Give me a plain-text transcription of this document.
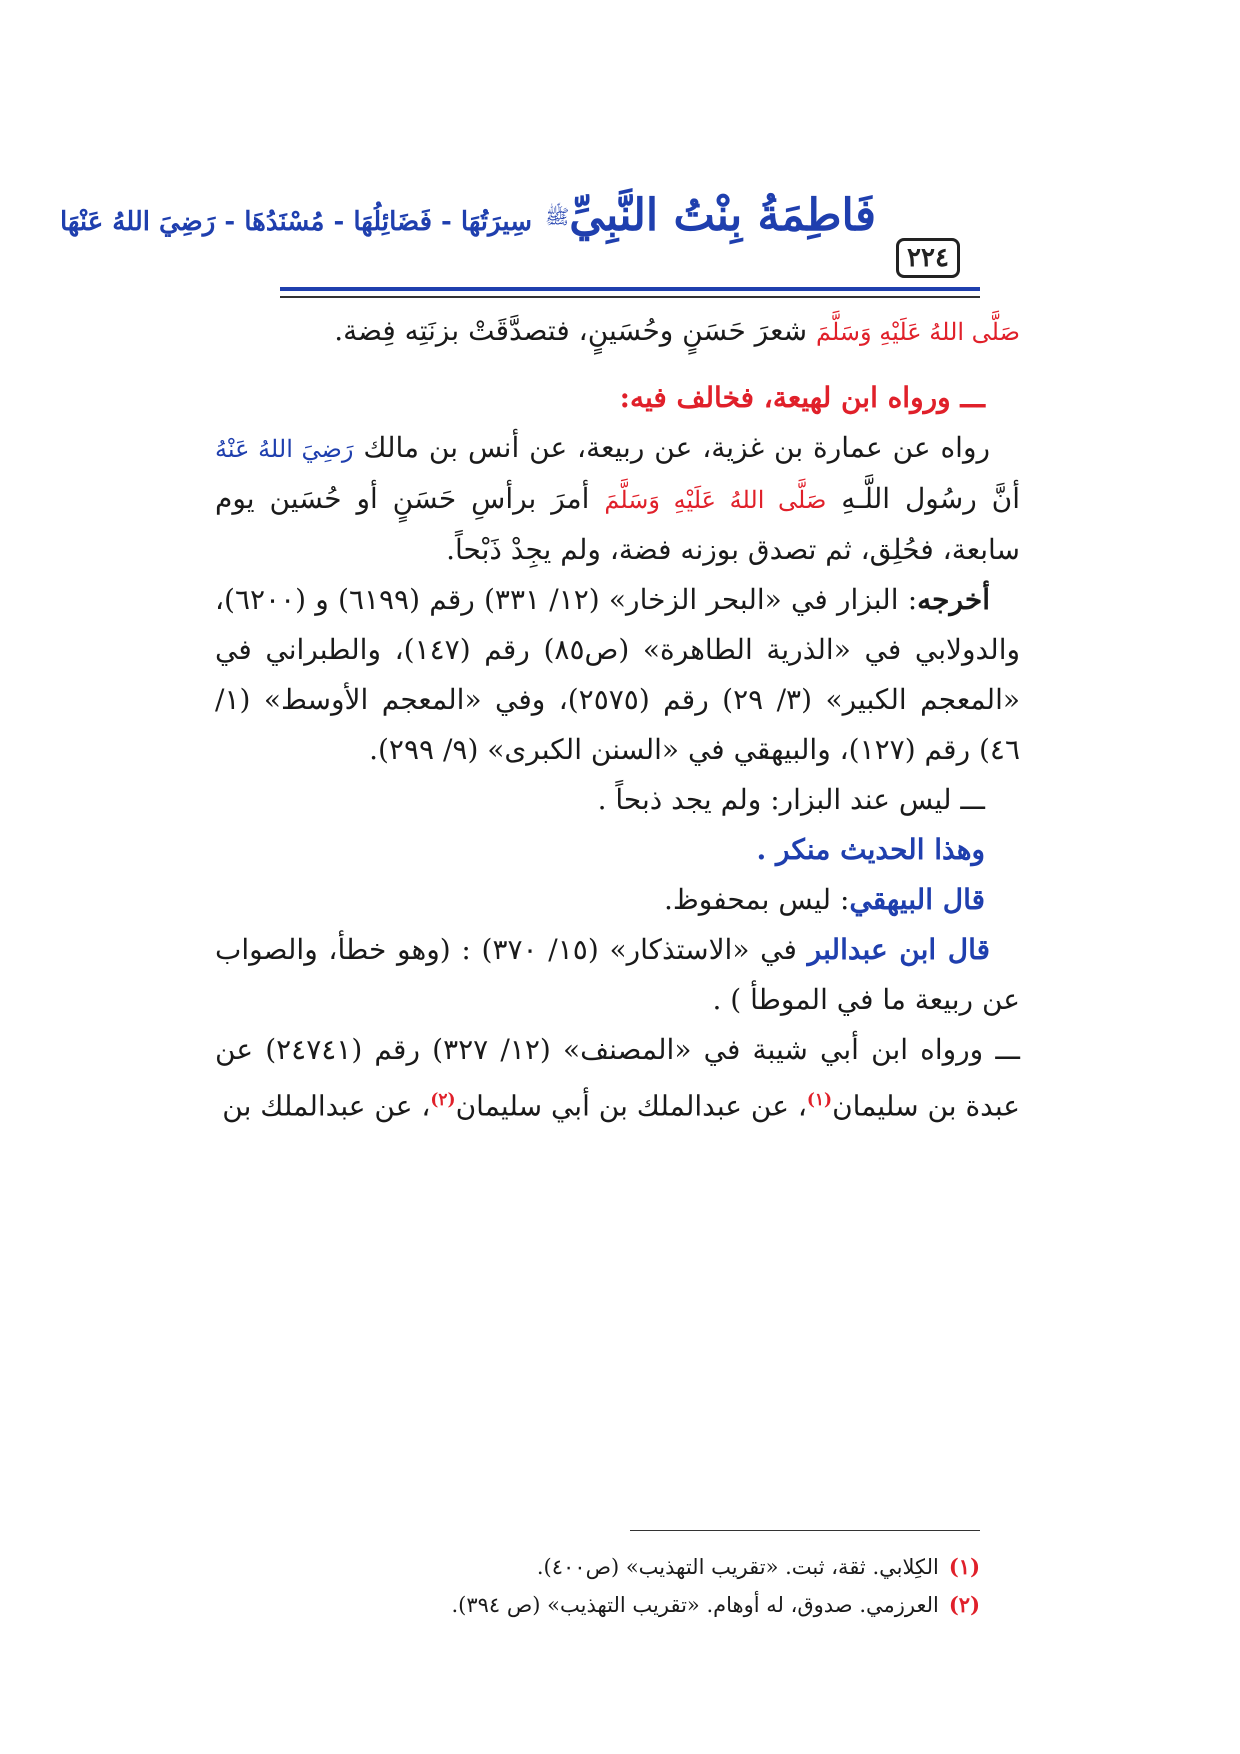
٢٢٤
فَاطِمَةُ بِنْتُ النَّبِيِّﷺ سِيرَتُهَا - فَضَائِلُهَا - مُسْنَدُهَا - رَضِيَ اللهُ عَنْهَا

صَلَّى اللهُ عَلَيْهِ وَسَلَّمَ شعرَ حَسَنٍ وحُسَينٍ، فتصدَّقَتْ بزنَتِه فِضة.

ـــ ورواه ابن لهيعة، فخالف فيه:

رواه عن عمارة بن غزية، عن ربيعة، عن أنس بن مالك رَضِيَ اللهُ عَنْهُ أنَّ رسُول اللَّـهِ صَلَّى اللهُ عَلَيْهِ وَسَلَّمَ أمرَ برأسِ حَسَنٍ أو حُسَين يوم سابعة، فحُلِق، ثم تصدق بوزنه فضة، ولم يجِدْ ذَبْحاً.

أخرجه: البزار في «البحر الزخار» (١٢/ ٣٣١) رقم (٦١٩٩) و (٦٢٠٠)، والدولابي في «الذرية الطاهرة» (ص٨٥) رقم (١٤٧)، والطبراني في «المعجم الكبير» (٣/ ٢٩) رقم (٢٥٧٥)، وفي «المعجم الأوسط» (١/ ٤٦) رقم (١٢٧)، والبيهقي في «السنن الكبرى» (٩/ ٢٩٩).

ـــ ليس عند البزار: ولم يجد ذبحاً .

وهذا الحديث منكر .

قال البيهقي: ليس بمحفوظ.

قال ابن عبدالبر في «الاستذكار» (١٥/ ٣٧٠) : (وهو خطأ، والصواب عن ربيعة ما في الموطأ ) .

ـــ ورواه ابن أبي شيبة في «المصنف» (١٢/ ٣٢٧) رقم (٢٤٧٤١) عن عبدة بن سليمان$^{(١)}$، عن عبدالملك بن أبي سليمان$^{(٢)}$، عن عبدالملك بن

(١)الكِلابي. ثقة، ثبت. «تقريب التهذيب» (ص٤٠٠).

(٢)العرزمي. صدوق، له أوهام. «تقريب التهذيب» (ص ٣٩٤).
